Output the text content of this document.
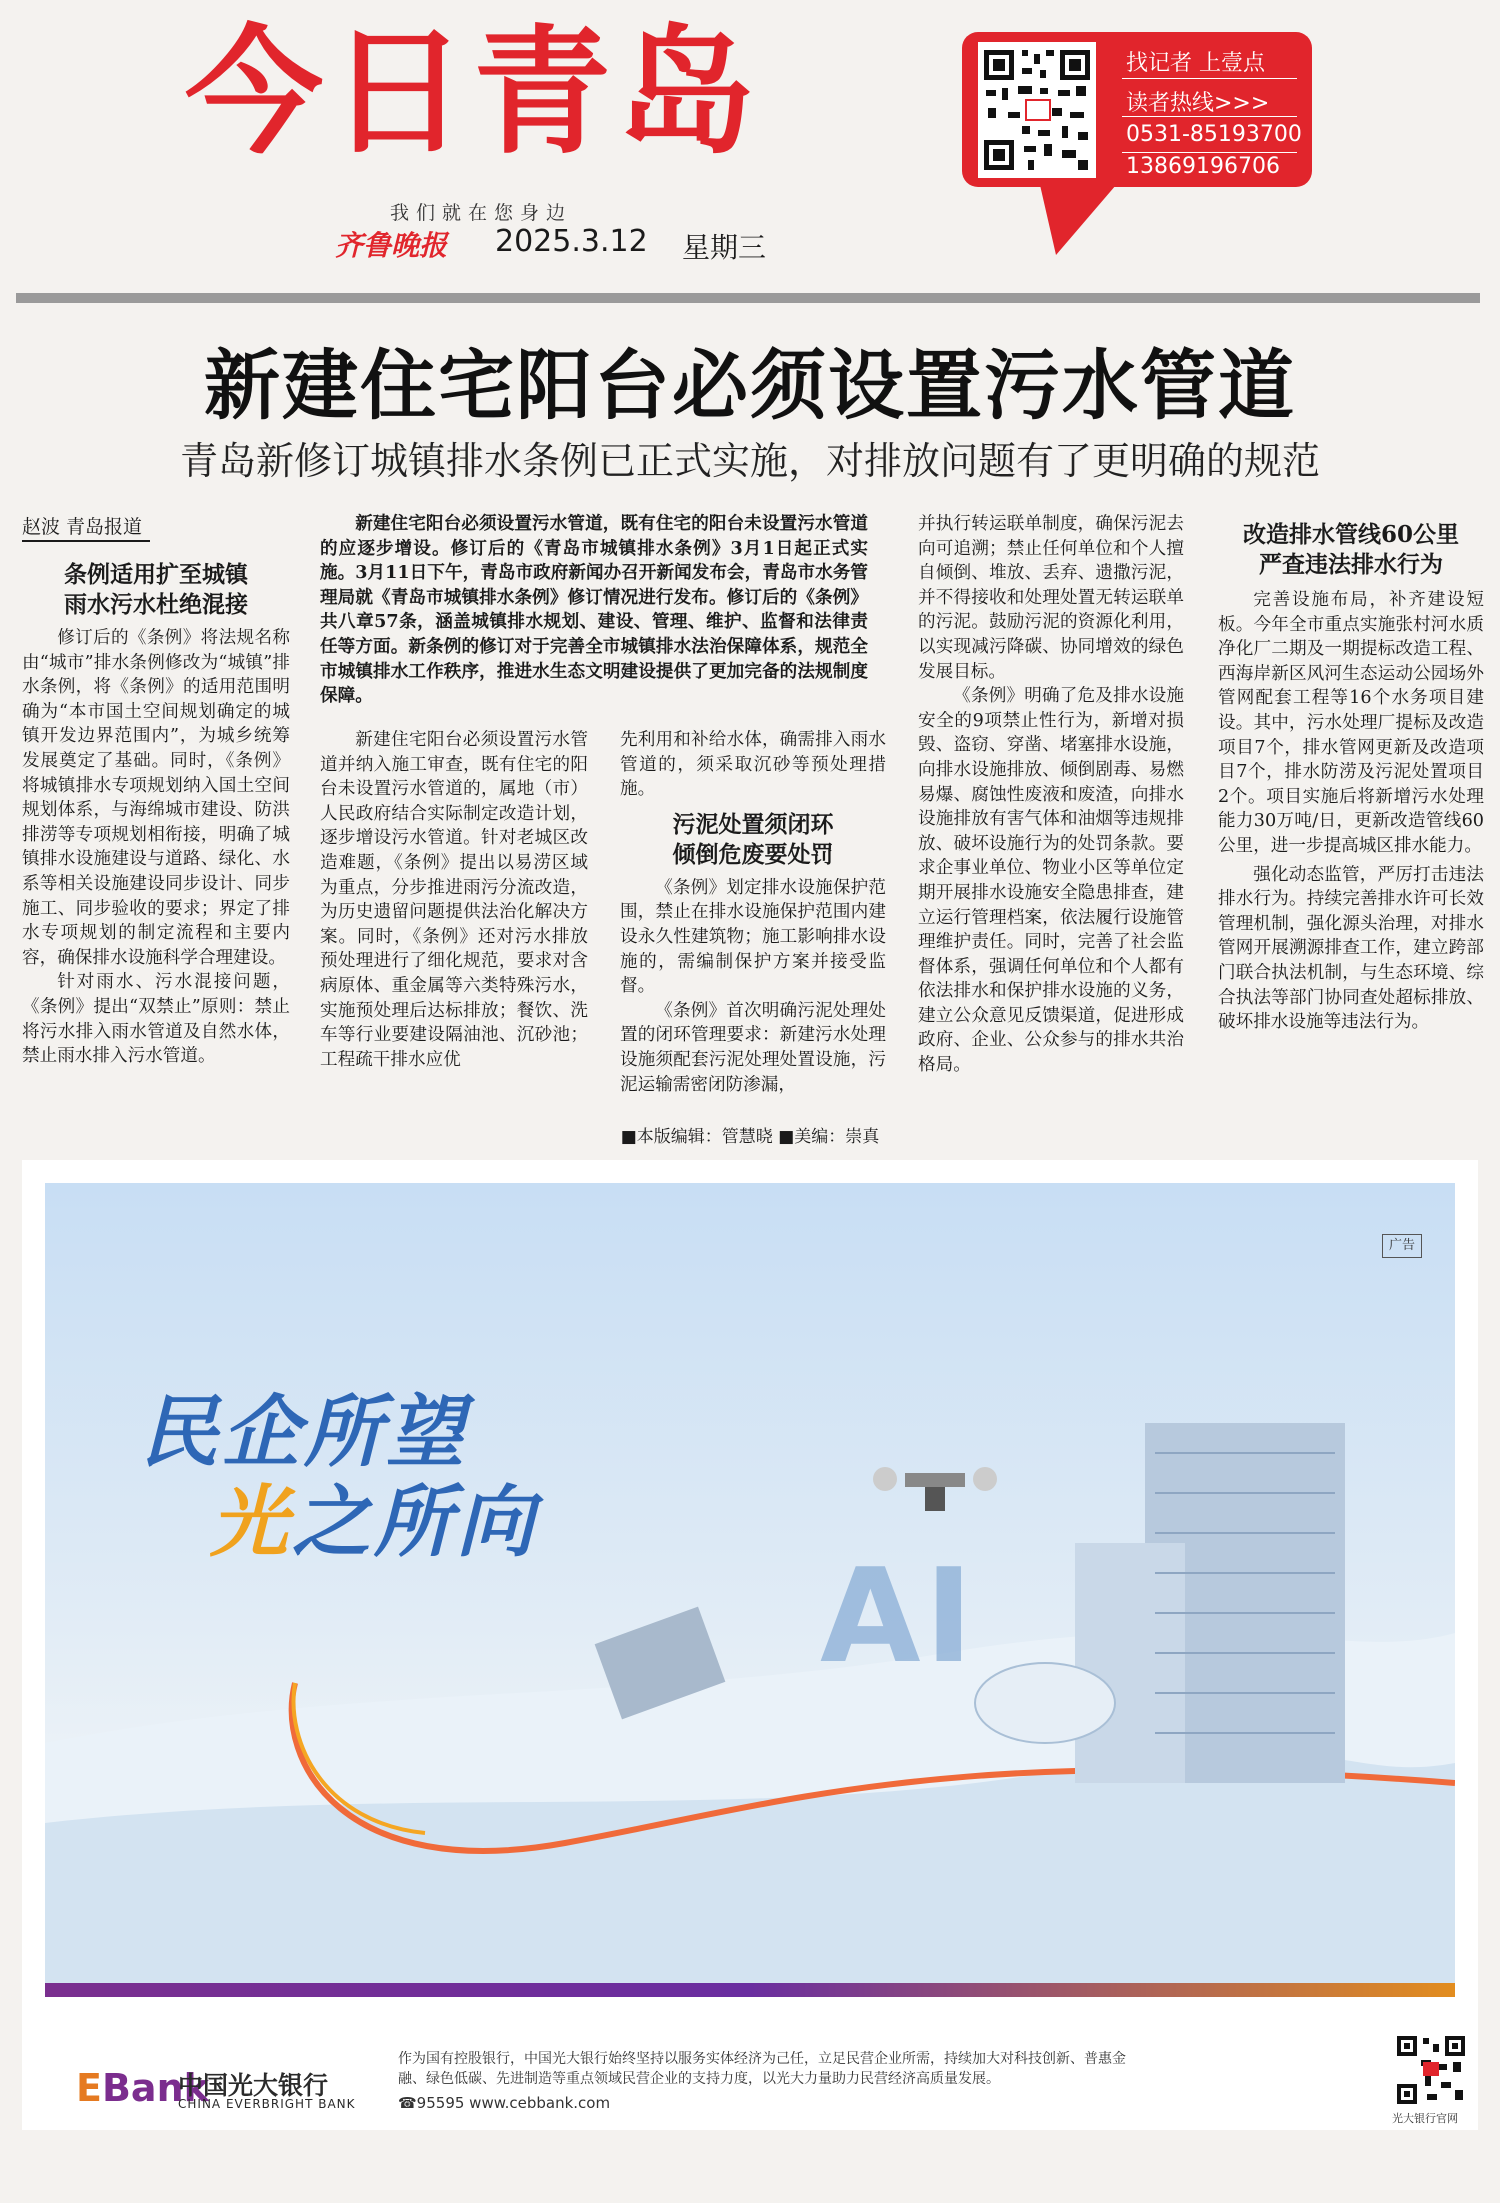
今日青岛
我们就在您身边
齐鲁晚报 2025.3.12 星期三
找记者 上壹点
读者热线>>>
0531-85193700
13869196706
新建住宅阳台必须设置污水管道
青岛新修订城镇排水条例已正式实施，对排放问题有了更明确的规范
赵波 青岛报道
条例适用扩至城镇
雨水污水杜绝混接

修订后的《条例》将法规名称由“城市”排水条例修改为“城镇”排水条例，将《条例》的适用范围明确为“本市国土空间规划确定的城镇开发边界范围内”，为城乡统筹发展奠定了基础。同时，《条例》将城镇排水专项规划纳入国土空间规划体系，与海绵城市建设、防洪排涝等专项规划相衔接，明确了城镇排水设施建设与道路、绿化、水系等相关设施建设同步设计、同步施工、同步验收的要求；界定了排水专项规划的制定流程和主要内容，确保排水设施科学合理建设。

针对雨水、污水混接问题，《条例》提出“双禁止”原则：禁止将污水排入雨水管道及自然水体，禁止雨水排入污水管道。

新建住宅阳台必须设置污水管道，既有住宅的阳台未设置污水管道的应逐步增设。修订后的《青岛市城镇排水条例》3月1日起正式实施。3月11日下午，青岛市政府新闻办召开新闻发布会，青岛市水务管理局就《青岛市城镇排水条例》修订情况进行发布。修订后的《条例》共八章57条，涵盖城镇排水规划、建设、管理、维护、监督和法律责任等方面。新条例的修订对于完善全市城镇排水法治保障体系，规范全市城镇排水工作秩序，推进水生态文明建设提供了更加完备的法规制度保障。

新建住宅阳台必须设置污水管道并纳入施工审查，既有住宅的阳台未设置污水管道的，属地（市）人民政府结合实际制定改造计划，逐步增设污水管道。针对老城区改造难题，《条例》提出以易涝区域为重点，分步推进雨污分流改造，为历史遗留问题提供法治化解决方案。同时，《条例》还对污水排放预处理进行了细化规范，要求对含病原体、重金属等六类特殊污水，实施预处理后达标排放；餐饮、洗车等行业要建设隔油池、沉砂池；工程疏干排水应优

先利用和补给水体，确需排入雨水管道的，须采取沉砂等预处理措施。

污泥处置须闭环
倾倒危废要处罚

《条例》划定排水设施保护范围，禁止在排水设施保护范围内建设永久性建筑物；施工影响排水设施的，需编制保护方案并接受监督。

《条例》首次明确污泥处理处置的闭环管理要求：新建污水处理设施须配套污泥处理处置设施，污泥运输需密闭防渗漏，

并执行转运联单制度，确保污泥去向可追溯；禁止任何单位和个人擅自倾倒、堆放、丢弃、遗撒污泥，并不得接收和处理处置无转运联单的污泥。鼓励污泥的资源化利用，以实现减污降碳、协同增效的绿色发展目标。

《条例》明确了危及排水设施安全的9项禁止性行为，新增对损毁、盗窃、穿凿、堵塞排水设施，向排水设施排放、倾倒剧毒、易燃易爆、腐蚀性废液和废渣，向排水设施排放有害气体和油烟等违规排放、破坏设施行为的处罚条款。要求企事业单位、物业小区等单位定期开展排水设施安全隐患排查，建立运行管理档案，依法履行设施管理维护责任。同时，完善了社会监督体系，强调任何单位和个人都有依法排水和保护排水设施的义务，建立公众意见反馈渠道，促进形成政府、企业、公众参与的排水共治格局。

改造排水管线60公里
严查违法排水行为

完善设施布局，补齐建设短板。今年全市重点实施张村河水质净化厂二期及一期提标改造工程、西海岸新区风河生态运动公园场外管网配套工程等16个水务项目建设。其中，污水处理厂提标及改造项目7个，排水管网更新及改造项目7个，排水防涝及污泥处置项目2个。项目实施后将新增污水处理能力30万吨/日，更新改造管线60公里，进一步提高城区排水能力。

强化动态监管，严厉打击违法排水行为。持续完善排水许可长效管理机制，强化源头治理，对排水管网开展溯源排查工作，建立跨部门联合执法机制，与生态环境、综合执法等部门协同查处超标排放、破坏排水设施等违法行为。

■本版编辑：管慧晓 ■美编：崇真
广告
民企所望
光之所向
AI
EBank
中国光大银行
CHINA EVERBRIGHT BANK
作为国有控股银行，中国光大银行始终坚持以服务实体经济为己任，立足民营企业所需，持续加大对科技创新、普惠金融、绿色低碳、先进制造等重点领域民营企业的支持力度，以光大力量助力民营经济高质量发展。
☎95595 www.cebbank.com
光大银行官网
